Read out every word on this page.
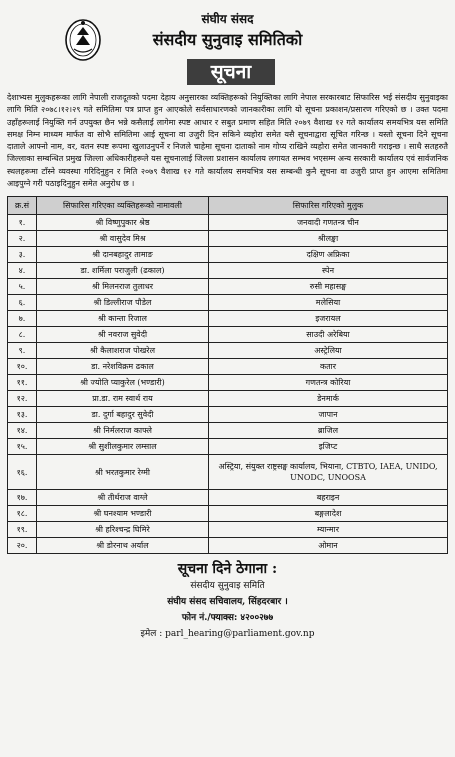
संघीय संसद
संसदीय सुनुवाइ समितिको
सूचना

देशाभ्यस मुलुकहरूका लागि नेपाली राजदूतको पदमा देहाय अनुसारका व्यक्तिहरूको नियुक्तिका लागि नेपाल सरकारबाट सिफारिस भई संसदीय सुनुवाइका लागि मिति २०७८।१२।२९ गते समितिमा पत्र प्राप्त हुन आएकोले सर्वसाधारणको जानकारीका लागि यो सूचना प्रकाशन/प्रसारण गरिएको छ । उक्त पदमा उहाँहरूलाई नियुक्ति गर्न उपयुक्त छैन भन्ने कसैलाई लागेमा स्पष्ट आधार र सबुत प्रमाण सहित मिति २०७९ वैशाख १२ गते कार्यालय समयभित्र यस समिति समक्ष निम्न माध्यम मार्फत वा सोभै समितिमा आई सूचना वा उजुरी दिन सकिने व्यहोरा समेत यसै सूचनाद्वारा सूचित गरिन्छ । यस्तो सूचना दिने सूचना दाताले आफ्नो नाम, वर, वतन स्पष्ट रूपमा खुलाउनुपर्ने र निजले चाहेमा सूचना दाताको नाम गोप्य राखिने व्यहोरा समेत जानकारी गराइन्छ । साथै सतहरुतै जिल्लाका सम्बन्धित प्रमुख जिल्ला अधिकारीहरूले यस सूचनालाई जिल्ला प्रशासन कार्यालय लगायत सम्भव भएसम्म अन्य सरकारी कार्यालय एवं सार्वजनिक स्थलहरूमा टाँस्ने व्यवस्था गरिदिनुहुन र मिति २०७९ वैशाख १२ गते कार्यालय समयभित्र यस सम्बन्धी कुनै सूचना वा उजुरी प्राप्त हुन आएमा समितिमा आइपुग्ने गरी पठाइदिनुहुन समेत अनुरोध छ ।

क्र.सं	सिफारिस गरिएका व्यक्तिहरूको नामावली	सिफारिस गरिएको मुलुक
१.	श्री विष्णुपुकार श्रेष्ठ	जनवादी गणतन्त्र चीन
२.	श्री वासुदेव मिश्र	श्रीलङ्का
३.	श्री दानबहादुर तामाङ	दक्षिण अफ्रिका
४.	डा. शर्मिला पराजुली (ढकाल)	स्पेन
५.	श्री मिलनराज तुलाधर	रुसी महासङ्घ
६.	श्री डिल्लीराज पौडेल	मलेसिया
७.	श्री कान्ता रिजाल	इजरायल
८.	श्री नवराज सुवेदी	साउदी अरेबिया
९.	श्री कैलाशराज पोखरेल	अस्ट्रेलिया
१०.	डा. नरेशविक्रम ढकाल	कतार
११.	श्री ज्योति प्याकुरेल (भण्डारी)	गणतन्त्र कोरिया
१२.	प्रा.डा. राम स्वार्थ राय	डेनमार्क
१३.	डा. दुर्गा बहादुर सुवेदी	जापान
१४.	श्री निर्मलराज काफ्ले	ब्राजिल
१५.	श्री सुशीलकुमार लम्साल	इजिप्ट
१६.	श्री भरतकुमार रेग्मी	अस्ट्रिया, संयुक्त राष्ट्रसङ्घ कार्यालय, भियाना, CTBTO, IAEA, UNIDO, UNODC, UNOOSA
१७.	श्री तीर्थराज वाग्ले	बहराइन
१८.	श्री घनश्याम भण्डारी	बङ्गलादेश
१९.	श्री हरिश्चन्द्र घिमिरे	म्यान्मार
२०.	श्री डोरनाथ अर्याल	ओमान
सूचना दिने ठेगाना :
संसदीय सुनुवाइ समिति
संघीय संसद सचिवालय, सिंहदरबार ।
फोन नं./फ्याक्स: ४२००२७७
इमेल : parl_hearing@parliament.gov.np
